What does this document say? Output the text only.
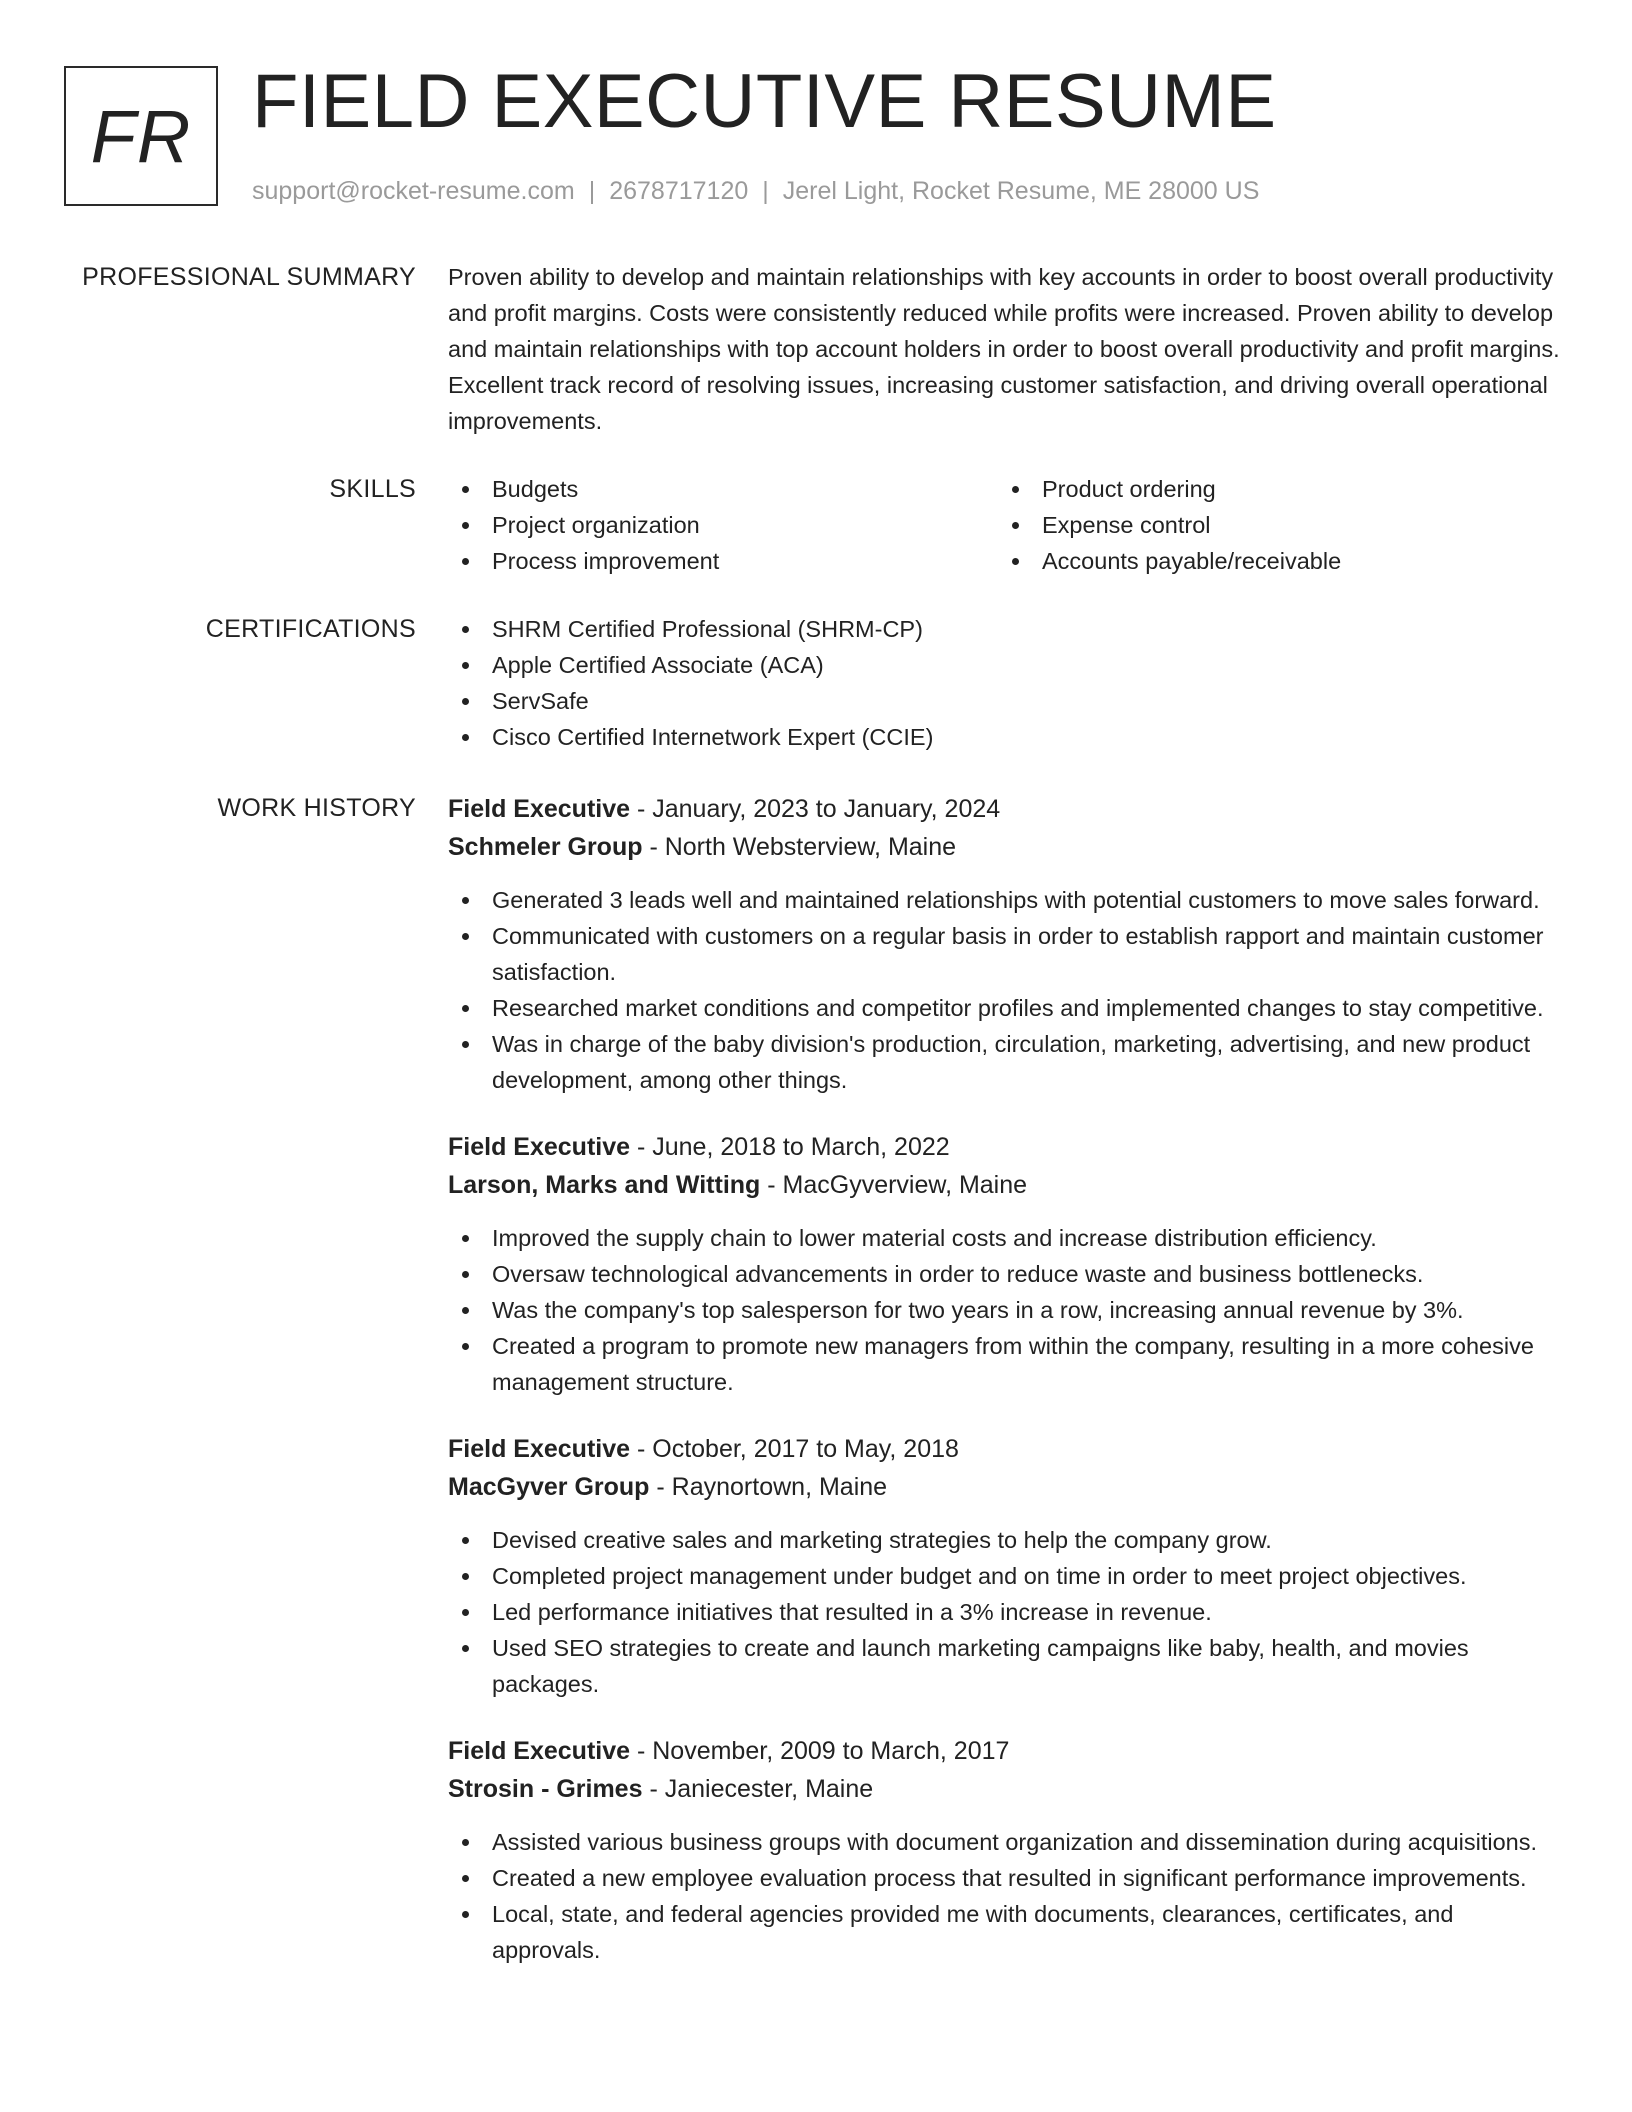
FR FIELD EXECUTIVE RESUME
support@rocket-resume.com | 2678717120 | Jerel Light, Rocket Resume, ME 28000 US
PROFESSIONAL SUMMARY Proven ability to develop and maintain relationships with key accounts in order to boost overall productivity and profit margins. Costs were consistently reduced while profits were increased. Proven ability to develop and maintain relationships with top account holders in order to boost overall productivity and profit margins. Excellent track record of resolving issues, increasing customer satisfaction, and driving overall operational improvements.

SKILLS	Budgets
Project organization
Process improvement
Product ordering
Expense control
Accounts payable/receivable
CERTIFICATIONS	SHRM Certified Professional (SHRM-CP)
Apple Certified Associate (ACA)
ServSafe
Cisco Certified Internetwork Expert (CCIE)
WORK HISTORY Field Executive - January, 2023 to January, 2024
Schmeler Group - North Websterview, Maine
Generated 3 leads well and maintained relationships with potential customers to move sales forward.
Communicated with customers on a regular basis in order to establish rapport and maintain customer satisfaction.
Researched market conditions and competitor profiles and implemented changes to stay competitive.
Was in charge of the baby division's production, circulation, marketing, advertising, and new product development, among other things.
Field Executive - June, 2018 to March, 2022
Larson, Marks and Witting - MacGyverview, Maine
Improved the supply chain to lower material costs and increase distribution efficiency.
Oversaw technological advancements in order to reduce waste and business bottlenecks.
Was the company's top salesperson for two years in a row, increasing annual revenue by 3%.
Created a program to promote new managers from within the company, resulting in a more cohesive management structure.
Field Executive - October, 2017 to May, 2018
MacGyver Group - Raynortown, Maine
Devised creative sales and marketing strategies to help the company grow.
Completed project management under budget and on time in order to meet project objectives.
Led performance initiatives that resulted in a 3% increase in revenue.
Used SEO strategies to create and launch marketing campaigns like baby, health, and movies packages.
Field Executive - November, 2009 to March, 2017
Strosin - Grimes - Janiecester, Maine
Assisted various business groups with document organization and dissemination during acquisitions.
Created a new employee evaluation process that resulted in significant performance improvements.
Local, state, and federal agencies provided me with documents, clearances, certificates, and approvals.
